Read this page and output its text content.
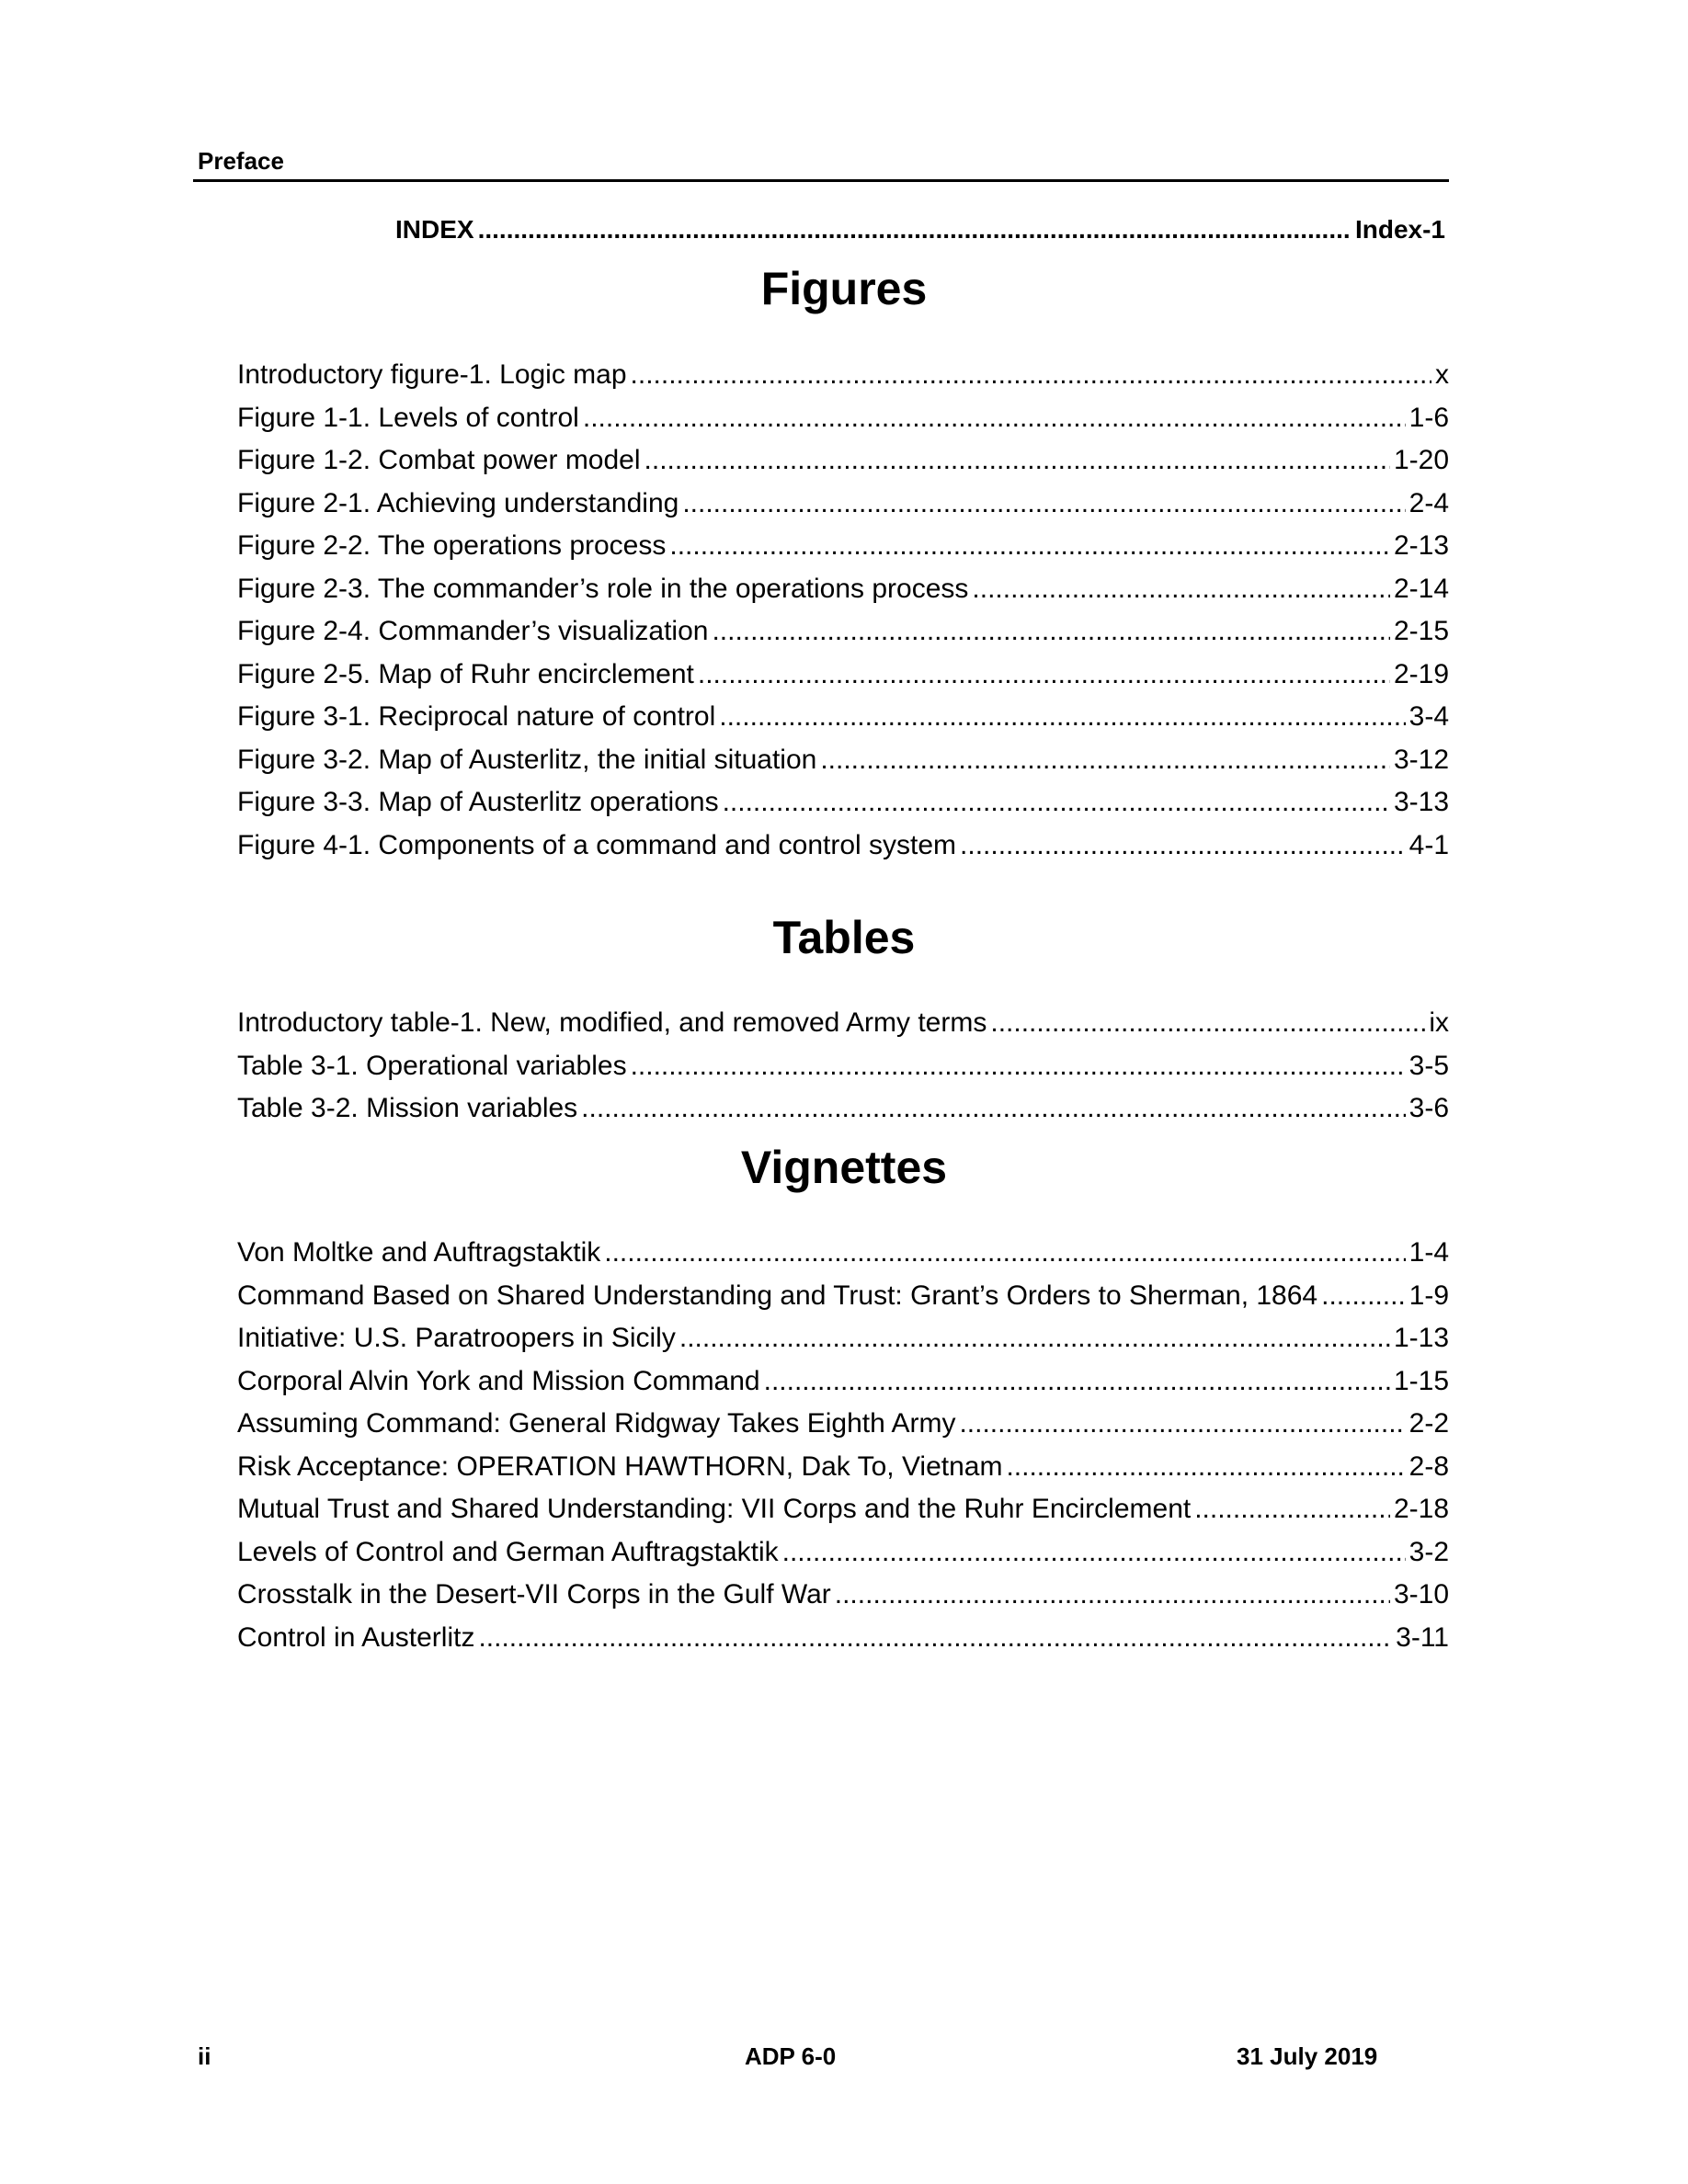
Preface
INDEX .....	Index-1
Figures
Introductory figure-1. Logic map .....	x
Figure 1-1. Levels of control .....	1-6
Figure 1-2. Combat power model .....	1-20
Figure 2-1. Achieving understanding .....	2-4
Figure 2-2. The operations process .....	2-13
Figure 2-3. The commander’s role in the operations process .....	2-14
Figure 2-4. Commander’s visualization .....	2-15
Figure 2-5. Map of Ruhr encirclement .....	2-19
Figure 3-1. Reciprocal nature of control .....	3-4
Figure 3-2. Map of Austerlitz, the initial situation .....	3-12
Figure 3-3. Map of Austerlitz operations .....	3-13
Figure 4-1. Components of a command and control system .....	4-1
Tables
Introductory table-1. New, modified, and removed Army terms .....	ix
Table 3-1. Operational variables .....	3-5
Table 3-2. Mission variables .....	3-6
Vignettes
Von Moltke and Auftragstaktik .....	1-4
Command Based on Shared Understanding and Trust: Grant’s Orders to Sherman, 1864 .....	1-9
Initiative: U.S. Paratroopers in Sicily .....	1-13
Corporal Alvin York and Mission Command .....	1-15
Assuming Command: General Ridgway Takes Eighth Army .....	2-2
Risk Acceptance: OPERATION HAWTHORN, Dak To, Vietnam .....	2-8
Mutual Trust and Shared Understanding: VII Corps and the Ruhr Encirclement .....	2-18
Levels of Control and German Auftragstaktik .....	3-2
Crosstalk in the Desert-VII Corps in the Gulf War .....	3-10
Control in Austerlitz .....	3-11
ii	ADP 6-0	31 July 2019
